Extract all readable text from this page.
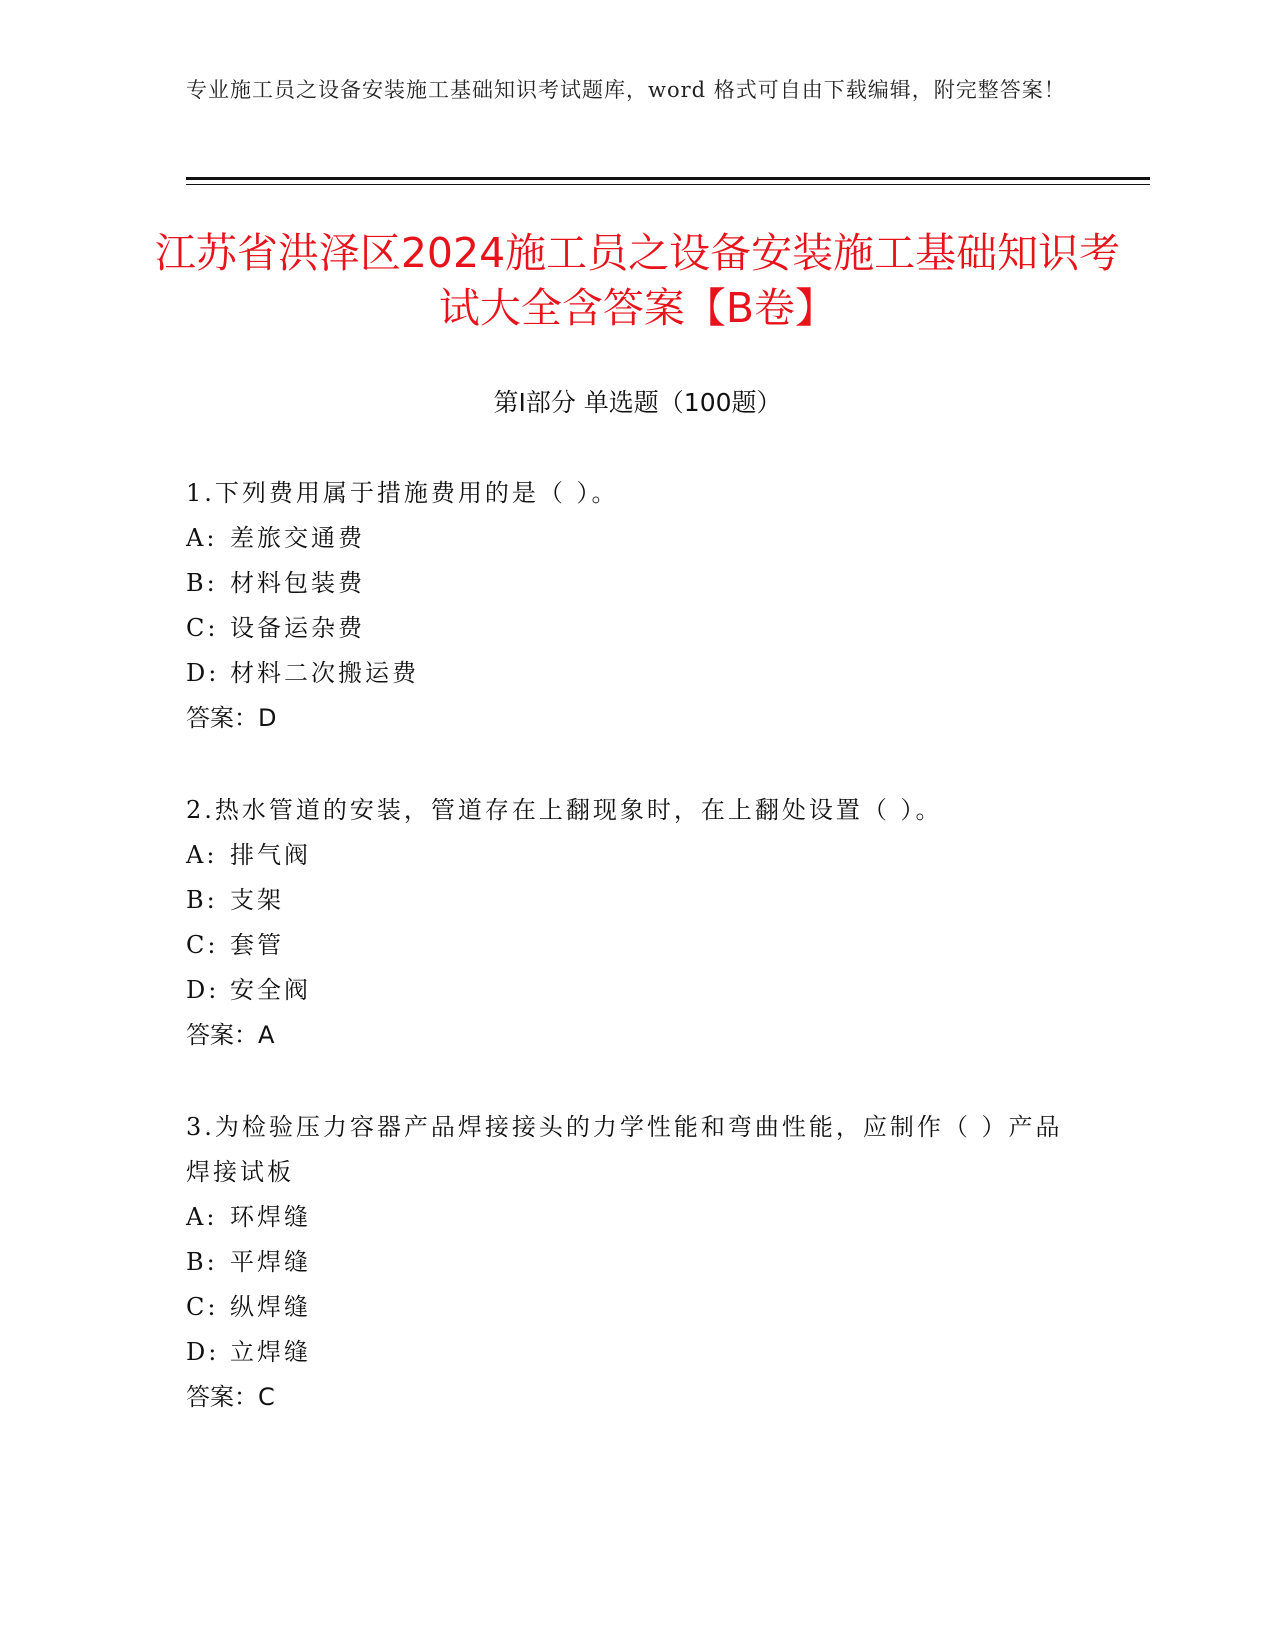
专业施工员之设备安装施工基础知识考试题库，word 格式可自由下载编辑，附完整答案！
江苏省洪泽区2024施工员之设备安装施工基础知识考试大全含答案【B卷】
第Ⅰ部分 单选题（100题）
1.下列费用属于措施费用的是（ ）。
A: 差旅交通费
B: 材料包装费
C: 设备运杂费
D: 材料二次搬运费
答案：D
2.热水管道的安装，管道存在上翻现象时，在上翻处设置（ ）。
A: 排气阀
B: 支架
C: 套管
D: 安全阀
答案：A
3.为检验压力容器产品焊接接头的力学性能和弯曲性能，应制作（ ）产品焊接试板
A: 环焊缝
B: 平焊缝
C: 纵焊缝
D: 立焊缝
答案：C
